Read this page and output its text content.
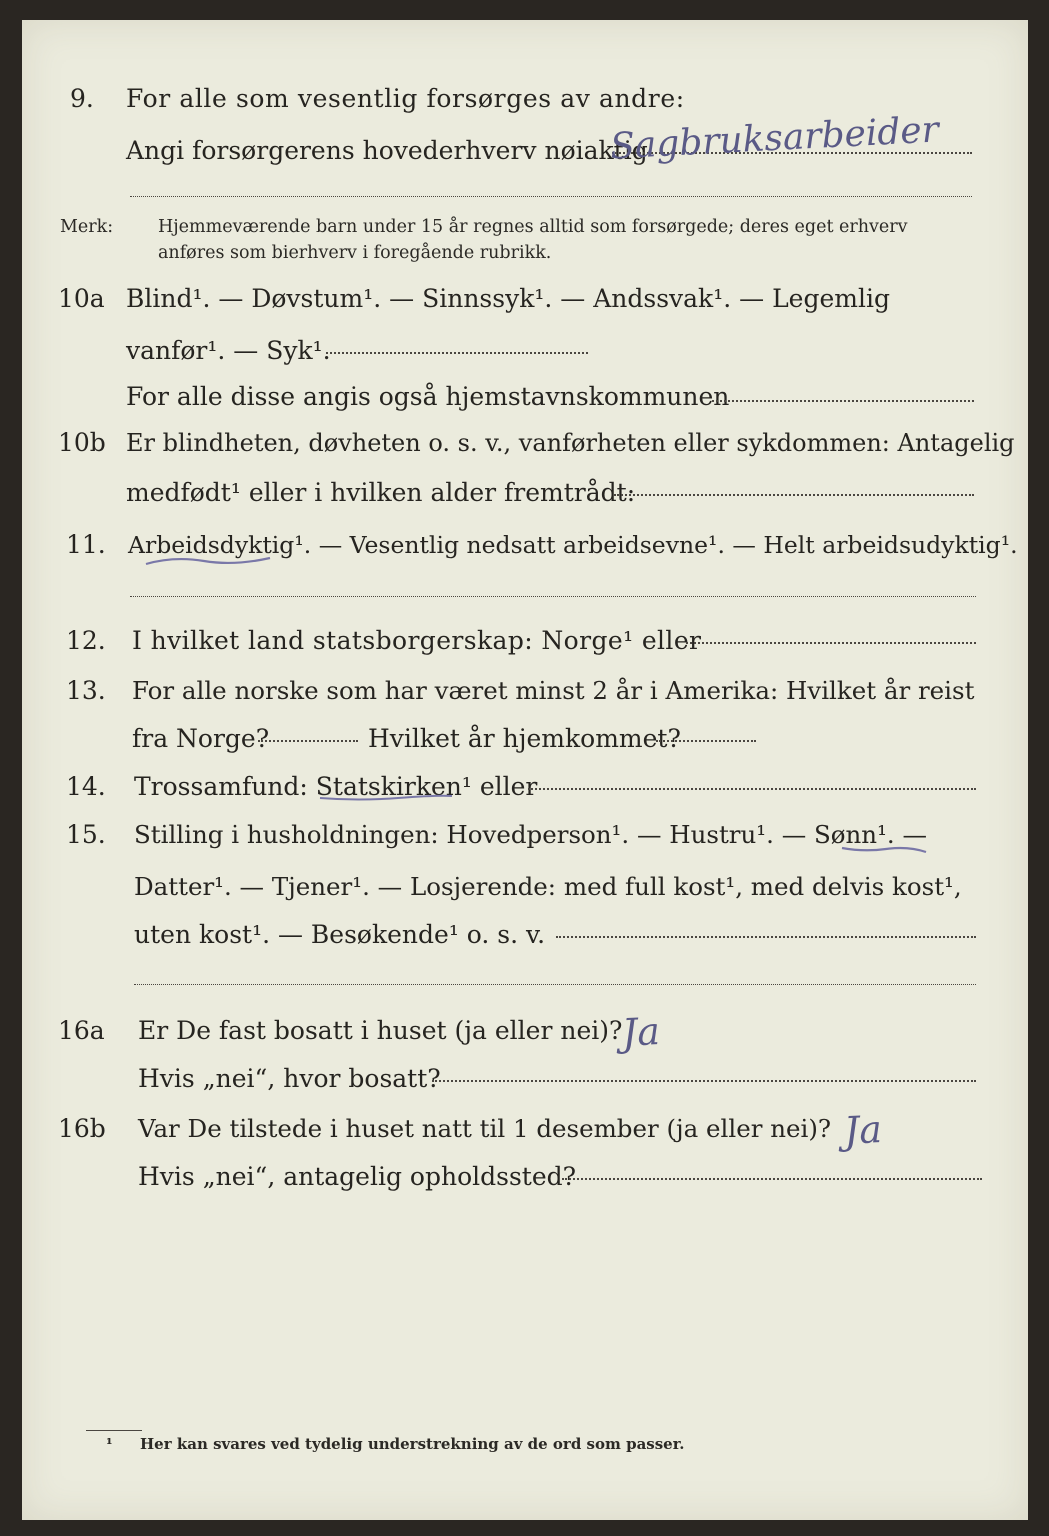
9. For alle som vesentlig forsørges av andre:
Angi forsørgerens hovederhverv nøiaktig
Sagbruksarbeider
Merk:	Hjemmeværende barn under 15 år regnes alltid som forsørgede; deres eget erhverv
anføres som bierhverv i foregående rubrikk.
10a Blind¹. — Døvstum¹. — Sinnssyk¹. — Andssvak¹. — Legemlig
vanfør¹. — Syk¹.
For alle disse angis også hjemstavnskommunen
10b Er blindheten, døvheten o. s. v., vanførheten eller sykdommen: Antagelig
medfødt¹ eller i hvilken alder fremtrådt:
11. Arbeidsdyktig¹. — Vesentlig nedsatt arbeidsevne¹. — Helt arbeidsudyktig¹.
12. I hvilket land statsborgerskap: Norge¹ eller
13. For alle norske som har været minst 2 år i Amerika: Hvilket år reist
fra Norge?	Hvilket år hjemkommet?
14. Trossamfund: Statskirken¹ eller
15. Stilling i husholdningen: Hovedperson¹. — Hustru¹. — Sønn¹. —
Datter¹. — Tjener¹. — Losjerende: med full kost¹, med delvis kost¹,
uten kost¹. — Besøkende¹ o. s. v.
16a Er De fast bosatt i huset (ja eller nei)?
Ja
Hvis „nei“, hvor bosatt?
16b Var De tilstede i huset natt til 1 desember (ja eller nei)? Ja
Hvis „nei“, antagelig opholdssted?
¹ Her kan svares ved tydelig understrekning av de ord som passer.
